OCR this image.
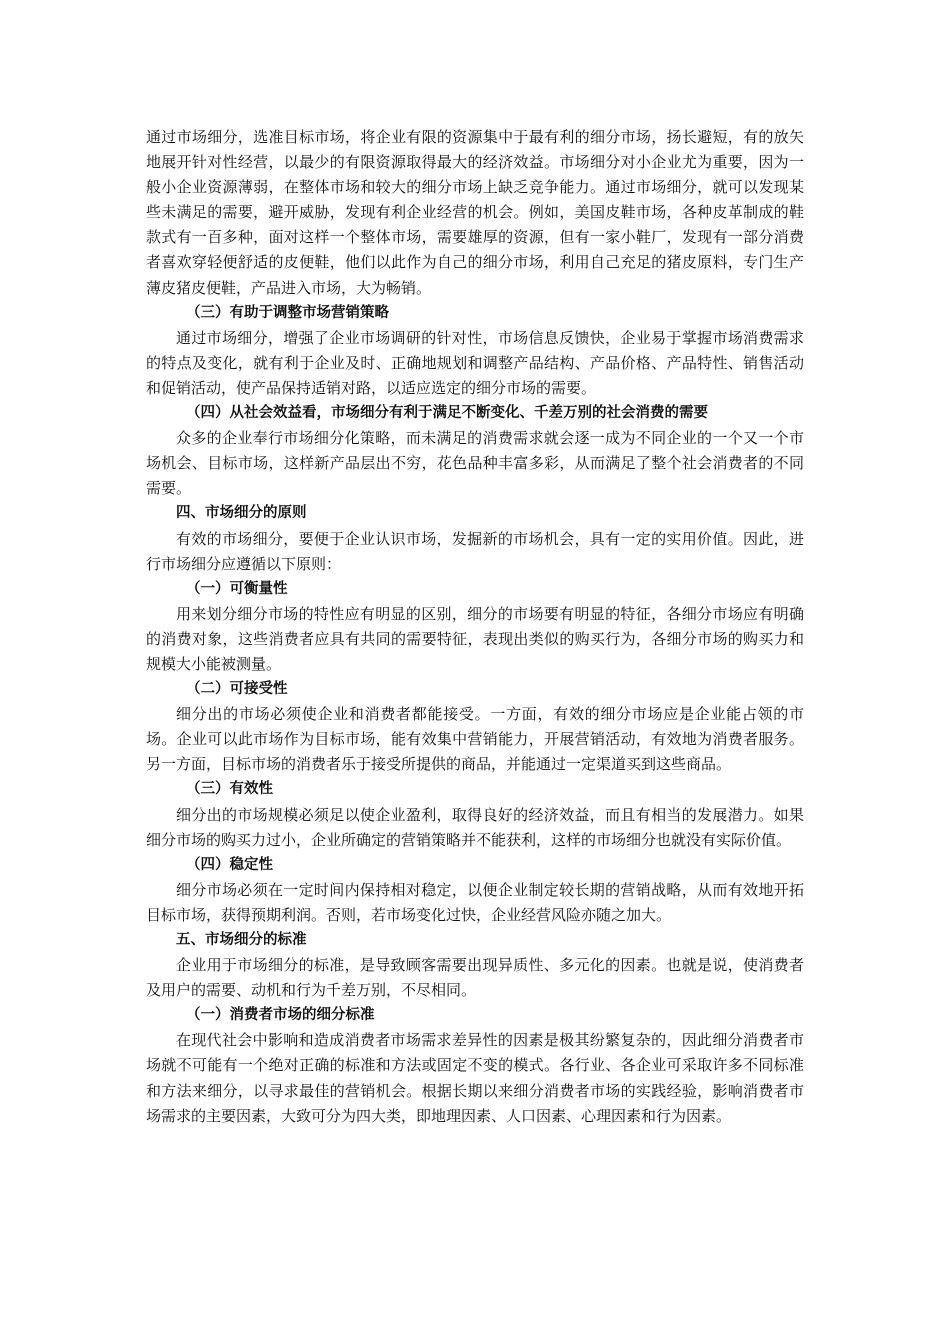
通过市场细分，选准目标市场，将企业有限的资源集中于最有利的细分市场，扬长避短，有的放矢地展开针对性经营，以最少的有限资源取得最大的经济效益。市场细分对小企业尤为重要，因为一般小企业资源薄弱，在整体市场和较大的细分市场上缺乏竞争能力。通过市场细分，就可以发现某些未满足的需要，避开威胁，发现有利企业经营的机会。例如，美国皮鞋市场，各种皮革制成的鞋款式有一百多种，面对这样一个整体市场，需要雄厚的资源，但有一家小鞋厂，发现有一部分消费者喜欢穿轻便舒适的皮便鞋，他们以此作为自己的细分市场，利用自己充足的猪皮原料，专门生产薄皮猪皮便鞋，产品进入市场，大为畅销。

（三）有助于调整市场营销策略

通过市场细分，增强了企业市场调研的针对性，市场信息反馈快，企业易于掌握市场消费需求的特点及变化，就有利于企业及时、正确地规划和调整产品结构、产品价格、产品特性、销售活动和促销活动，使产品保持适销对路，以适应选定的细分市场的需要。

（四）从社会效益看，市场细分有利于满足不断变化、千差万别的社会消费的需要

众多的企业奉行市场细分化策略，而未满足的消费需求就会逐一成为不同企业的一个又一个市场机会、目标市场，这样新产品层出不穷，花色品种丰富多彩，从而满足了整个社会消费者的不同需要。

四、市场细分的原则

有效的市场细分，要便于企业认识市场，发掘新的市场机会，具有一定的实用价值。因此，进行市场细分应遵循以下原则：

（一）可衡量性

用来划分细分市场的特性应有明显的区别，细分的市场要有明显的特征，各细分市场应有明确的消费对象，这些消费者应具有共同的需要特征，表现出类似的购买行为，各细分市场的购买力和规模大小能被测量。

（二）可接受性

细分出的市场必须使企业和消费者都能接受。一方面，有效的细分市场应是企业能占领的市场。企业可以此市场作为目标市场，能有效集中营销能力，开展营销活动，有效地为消费者服务。另一方面，目标市场的消费者乐于接受所提供的商品，并能通过一定渠道买到这些商品。

（三）有效性

细分出的市场规模必须足以使企业盈利，取得良好的经济效益，而且有相当的发展潜力。如果细分市场的购买力过小，企业所确定的营销策略并不能获利，这样的市场细分也就没有实际价值。

（四）稳定性

细分市场必须在一定时间内保持相对稳定，以便企业制定较长期的营销战略，从而有效地开拓目标市场，获得预期利润。否则，若市场变化过快，企业经营风险亦随之加大。

五、市场细分的标准

企业用于市场细分的标准，是导致顾客需要出现异质性、多元化的因素。也就是说，使消费者及用户的需要、动机和行为千差万别，不尽相同。

（一）消费者市场的细分标准

在现代社会中影响和造成消费者市场需求差异性的因素是极其纷繁复杂的，因此细分消费者市场就不可能有一个绝对正确的标准和方法或固定不变的模式。各行业、各企业可采取许多不同标准和方法来细分，以寻求最佳的营销机会。根据长期以来细分消费者市场的实践经验，影响消费者市场需求的主要因素，大致可分为四大类，即地理因素、人口因素、心理因素和行为因素。
